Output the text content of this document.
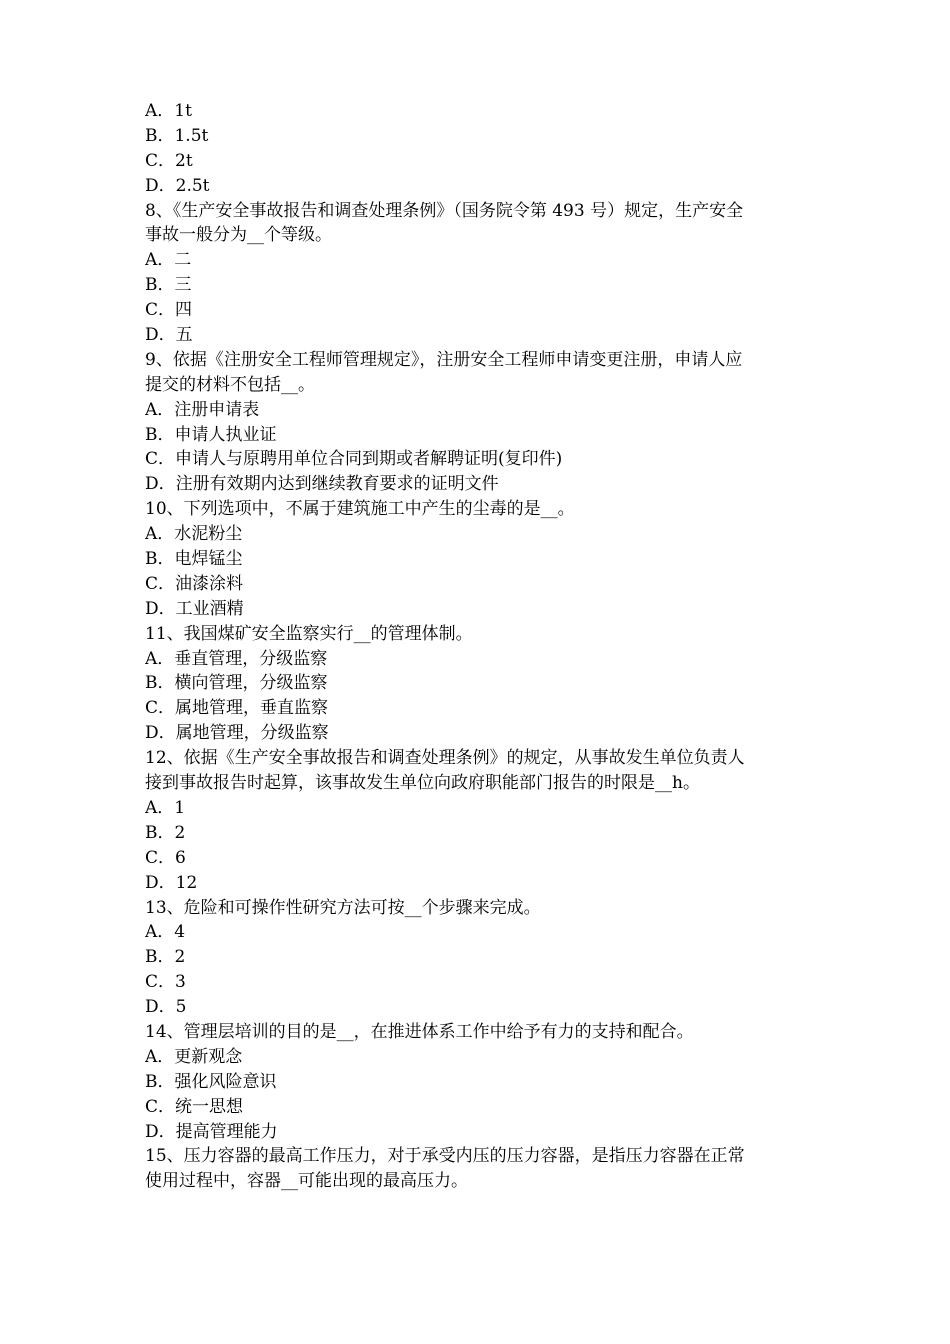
A．1t
B．1.5t
C．2t
D．2.5t
8、《生产安全事故报告和调查处理条例》（国务院令第 493 号）规定，生产安全
事故一般分为__个等级。
A．二
B．三
C．四
D．五
9、依据《注册安全工程师管理规定》，注册安全工程师申请变更注册，申请人应
提交的材料不包括__。
A．注册申请表
B．申请人执业证
C．申请人与原聘用单位合同到期或者解聘证明(复印件)
D．注册有效期内达到继续教育要求的证明文件
10、下列选项中，不属于建筑施工中产生的尘毒的是__。
A．水泥粉尘
B．电焊锰尘
C．油漆涂料
D．工业酒精
11、我国煤矿安全监察实行__的管理体制。
A．垂直管理，分级监察
B．横向管理，分级监察
C．属地管理，垂直监察
D．属地管理，分级监察
12、依据《生产安全事故报告和调查处理条例》的规定，从事故发生单位负责人
接到事故报告时起算，该事故发生单位向政府职能部门报告的时限是__h。
A．1
B．2
C．6
D．12
13、危险和可操作性研究方法可按__个步骤来完成。
A．4
B．2
C．3
D．5
14、管理层培训的目的是__，在推进体系工作中给予有力的支持和配合。
A．更新观念
B．强化风险意识
C．统一思想
D．提高管理能力
15、压力容器的最高工作压力，对于承受内压的压力容器，是指压力容器在正常
使用过程中，容器__可能出现的最高压力。
